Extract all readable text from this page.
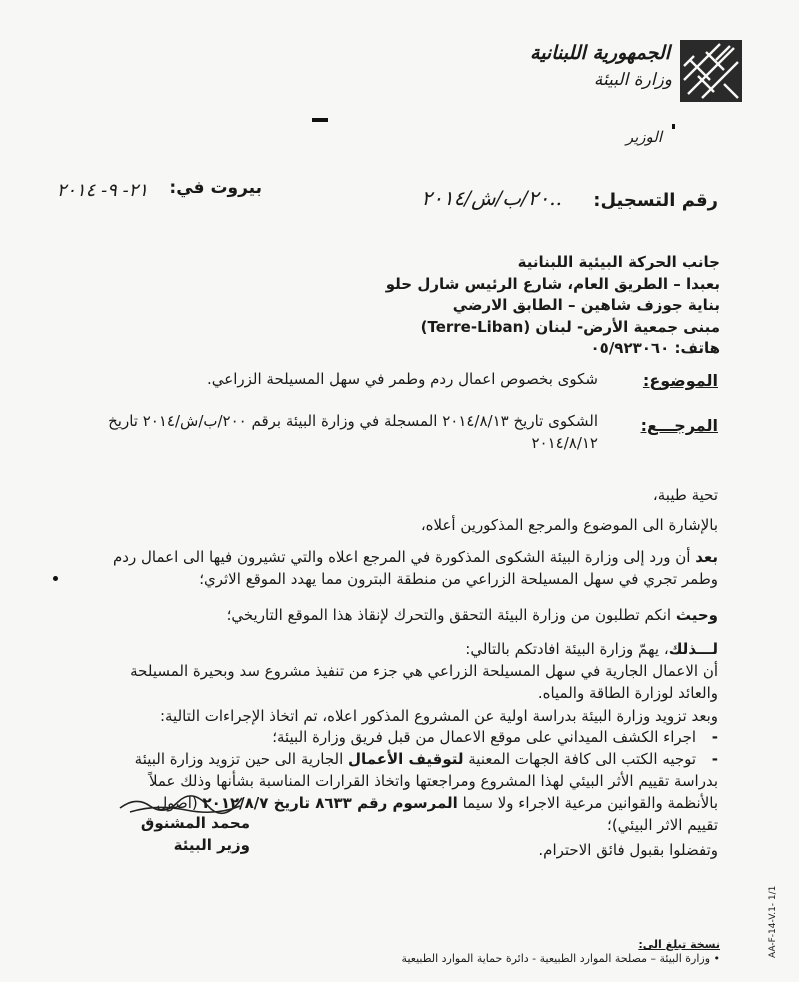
الجمهورية اللبنانية
وزارة البيئة
الوزير
بيروت في:
٢١- ٩- ٢٠١٤	رقم التسجيل:
..٢٠/ب/ش/٢٠١٤
جانب الحركة البيئية اللبنانية
بعبدا – الطريق العام، شارع الرئيس شارل حلو
بناية جوزف شاهين – الطابق الارضي
مبنى جمعية الأرض- لبنان (Terre-Liban)
هاتف: ٠٥/٩٢٣٠٦٠
الموضوع:
شكوى بخصوص اعمال ردم وطمر في سهل المسيلحة الزراعي.
المرجـــع:
الشكوى تاريخ ٢٠١٤/٨/١٣ المسجلة في وزارة البيئة برقم ٢٠٠/ب/ش/٢٠١٤ تاريخ
٢٠١٤/٨/١٢
تحية طيبة،
بالإشارة الى الموضوع والمرجع المذكورين أعلاه،
بعد أن ورد إلى وزارة البيئة الشكوى المذكورة في المرجع اعلاه والتي تشيرون فيها الى اعمال ردم
وطمر تجري في سهل المسيلحة الزراعي من منطقة البترون مما يهدد الموقع الاثري؛
وحيث انكم تطلبون من وزارة البيئة التحقق والتحرك لإنقاذ هذا الموقع التاريخي؛
لـــذلك، يهمّ وزارة البيئة افادتكم بالتالي:
أن الاعمال الجارية في سهل المسيلحة الزراعي هي جزء من تنفيذ مشروع سد وبحيرة المسيلحة
والعائد لوزارة الطاقة والمياه.
وبعد تزويد وزارة البيئة بدراسة اولية عن المشروع المذكور اعلاه، تم اتخاذ الإجراءات التالية:
-   اجراء الكشف الميداني على موقع الاعمال من قبل فريق وزارة البيئة؛
-   توجيه الكتب الى كافة الجهات المعنية لتوقيف الأعمال الجارية الى حين تزويد وزارة البيئة
بدراسة تقييم الأثر البيئي لهذا المشروع ومراجعتها واتخاذ القرارات المناسبة بشأنها وذلك عملاً
بالأنظمة والقوانين مرعية الاجراء ولا سيما المرسوم رقم ٨٦٣٣ تاريخ ٢٠١٢/٨/٧ (اصول
تقييم الاثر البيئي)؛
وتفضلوا بقبول فائق الاحترام.
محمد المشنوق
وزير البيئة
نسخة تبلغ الى:
• وزارة البيئة – مصلحة الموارد الطبيعية - دائرة حماية الموارد الطبيعية
AA-F-14-V.1- 1/1
